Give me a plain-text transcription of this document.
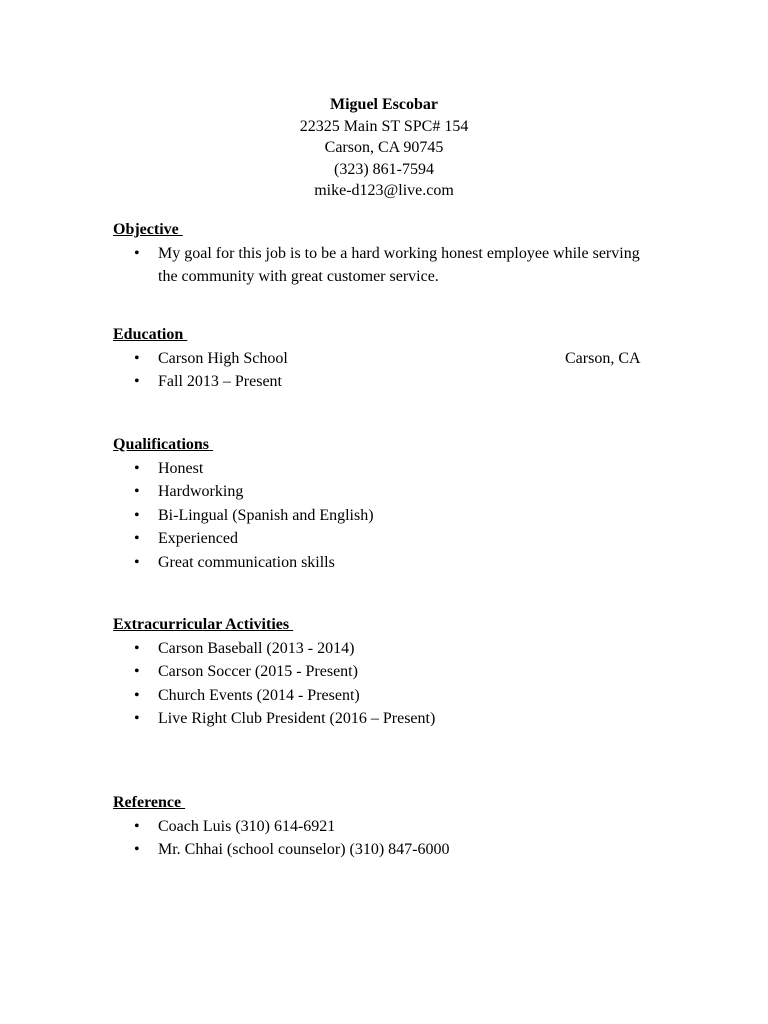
Miguel Escobar
22325 Main ST SPC# 154
Carson, CA 90745
(323) 861-7594
mike-d123@live.com
Objective
• My goal for this job is to be a hard working honest employee while serving the community with great customer service.
Education
• Carson High School	Carson, CA
• Fall 2013 – Present
Qualifications
• Honest
• Hardworking
• Bi-Lingual (Spanish and English)
• Experienced
• Great communication skills
Extracurricular Activities
• Carson Baseball (2013 - 2014)
• Carson Soccer (2015 - Present)
• Church Events (2014 - Present)
• Live Right Club President (2016 – Present)
Reference
• Coach Luis (310) 614-6921
• Mr. Chhai (school counselor) (310) 847-6000
